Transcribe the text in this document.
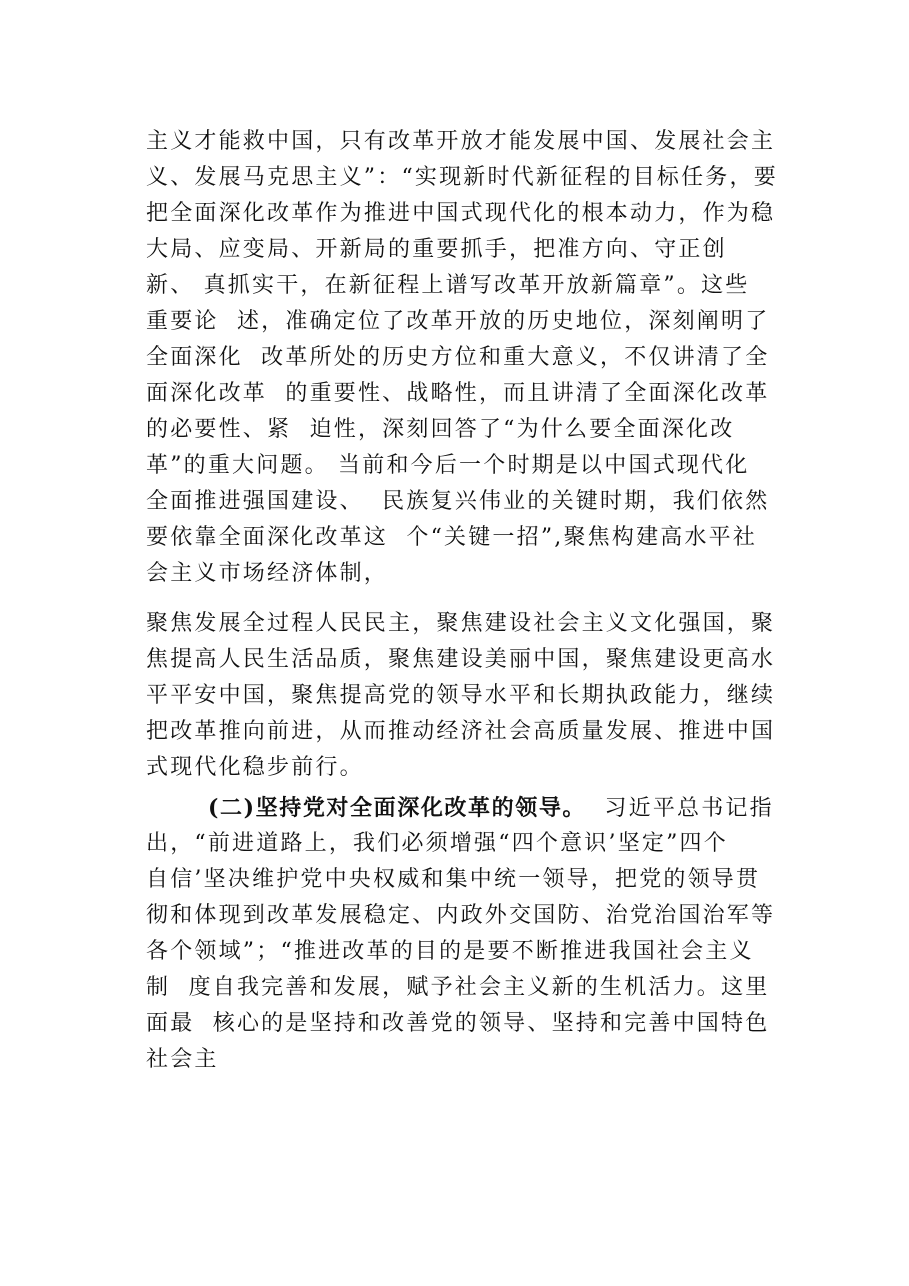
主义才能救中国，只有改革开放才能发展中国、发展社会主
义、发展马克思主义”：“实现新时代新征程的目标任务，要
把全面深化改革作为推进中国式现代化的根本动力，作为稳
大局、应变局、开新局的重要抓手，把准方向、守正创
新、 真抓实干，在新征程上谱写改革开放新篇章”。这些
重要论  述，准确定位了改革开放的历史地位，深刻阐明了
全面深化  改革所处的历史方位和重大意义，不仅讲清了全
面深化改革  的重要性、战略性，而且讲清了全面深化改革
的必要性、紧  迫性，深刻回答了“为什么要全面深化改
革”的重大问题。 当前和今后一个时期是以中国式现代化
全面推进强国建设、  民族复兴伟业的关键时期，我们依然
要依靠全面深化改革这  个“关键一招”,聚焦构建高水平社
会主义市场经济体制，
聚焦发展全过程人民民主，聚焦建设社会主义文化强国，聚
焦提高人民生活品质，聚焦建设美丽中国，聚焦建设更高水
平平安中国，聚焦提高党的领导水平和长期执政能力，继续
把改革推向前进，从而推动经济社会高质量发展、推进中国
式现代化稳步前行。
(二)坚持党对全面深化改革的领导。  习近平总书记指
出，“前进道路上，我们必须增强“四个意识’坚定”四个
自信’坚决维护党中央权威和集中统一领导，把党的领导贯
彻和体现到改革发展稳定、内政外交国防、治党治国治军等
各个领域”；“推进改革的目的是要不断推进我国社会主义
制  度自我完善和发展，赋予社会主义新的生机活力。这里
面最  核心的是坚持和改善党的领导、坚持和完善中国特色
社会主
